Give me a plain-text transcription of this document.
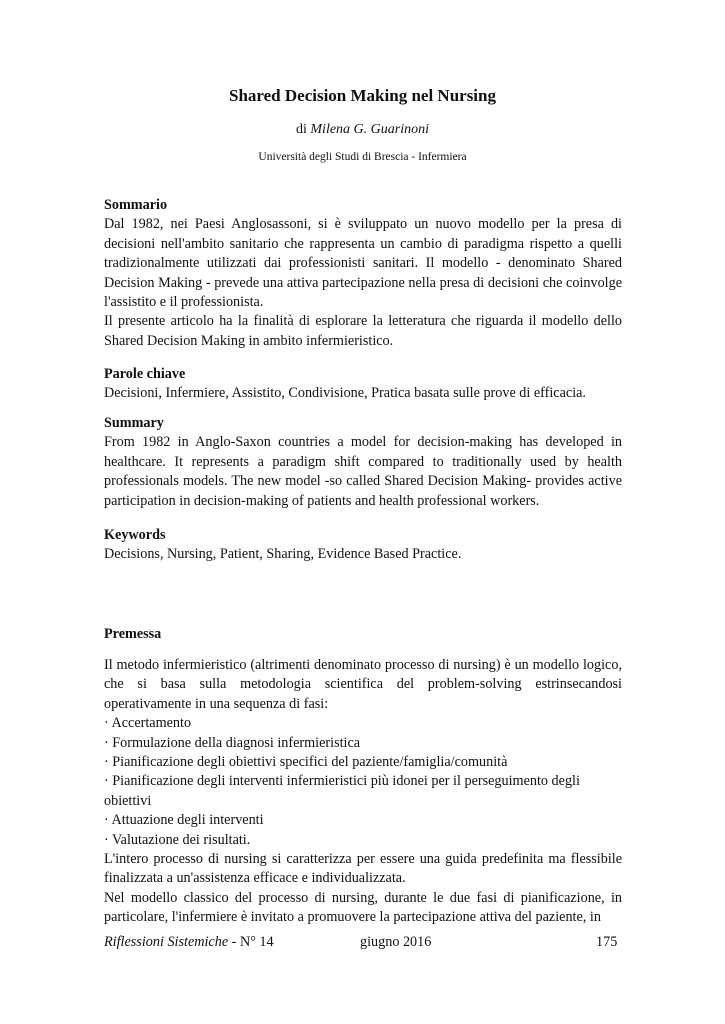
Shared Decision Making nel Nursing
di Milena G. Guarinoni
Università degli Studi di Brescia - Infermiera

Sommario

Dal 1982, nei Paesi Anglosassoni, si è sviluppato un nuovo modello per la presa di decisioni nell'ambito sanitario che rappresenta un cambio di paradigma rispetto a quelli tradizionalmente utilizzati dai professionisti sanitari. Il modello - denominato Shared Decision Making - prevede una attiva partecipazione nella presa di decisioni che coinvolge l'assistito e il professionista.

Il presente articolo ha la finalità di esplorare la letteratura che riguarda il modello dello Shared Decision Making in ambito infermieristico.

Parole chiave

Decisioni, Infermiere, Assistito, Condivisione, Pratica basata sulle prove di efficacia.

Summary

From 1982 in Anglo-Saxon countries a model for decision-making has developed in healthcare. It represents a paradigm shift compared to traditionally used by health professionals models. The new model -so called Shared Decision Making- provides active participation in decision-making of patients and health professional workers.

Keywords

Decisions, Nursing, Patient, Sharing, Evidence Based Practice.

Premessa

Il metodo infermieristico (altrimenti denominato processo di nursing) è un modello logico, che si basa sulla metodologia scientifica del problem-solving estrinsecandosi operativamente in una sequenza di fasi:

· Accertamento

· Formulazione della diagnosi infermieristica

· Pianificazione degli obiettivi specifici del paziente/famiglia/comunità

· Pianificazione degli interventi infermieristici più idonei per il perseguimento degli obiettivi

· Attuazione degli interventi

· Valutazione dei risultati.

L'intero processo di nursing si caratterizza per essere una guida predefinita ma flessibile finalizzata a un'assistenza efficace e individualizzata.

Nel modello classico del processo di nursing, durante le due fasi di pianificazione, in particolare, l'infermiere è invitato a promuovere la partecipazione attiva del paziente, in

Riflessioni Sistemiche - N° 14	giugno 2016	175
